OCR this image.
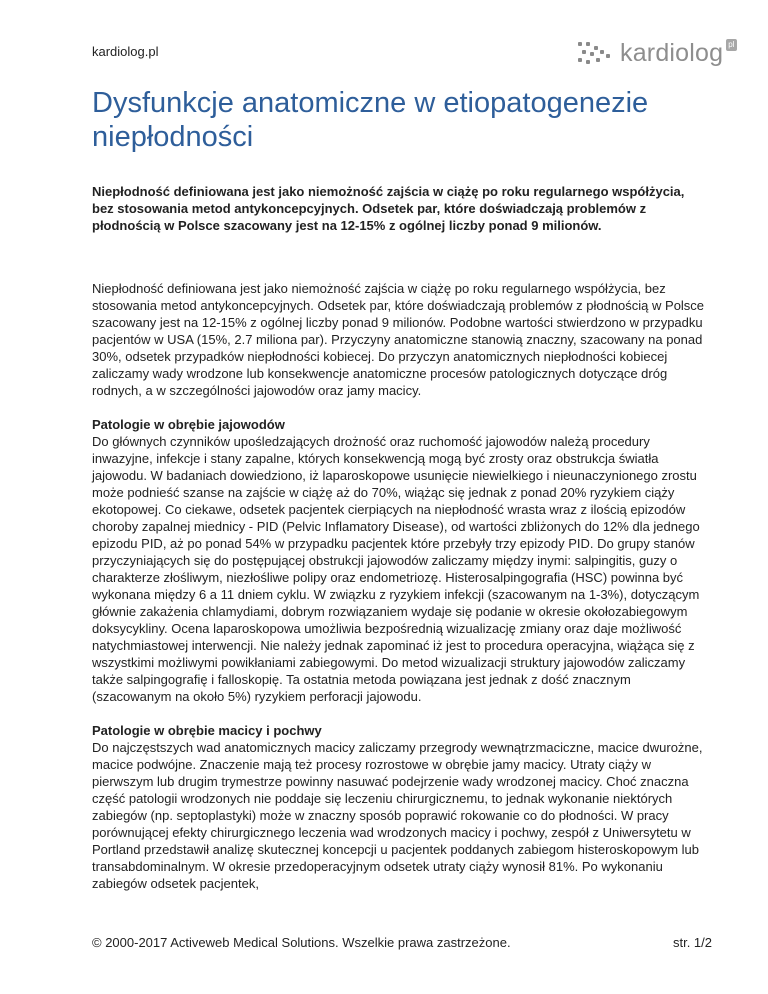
kardiolog.pl	kardiolog pl
Dysfunkcje anatomiczne w etiopatogenezie niepłodności

Niepłodność definiowana jest jako niemożność zajścia w ciążę po roku regularnego współżycia, bez stosowania metod antykoncepcyjnych. Odsetek par, które doświadczają problemów z płodnością w Polsce szacowany jest na 12-15% z ogólnej liczby ponad 9 milionów.

Niepłodność definiowana jest jako niemożność zajścia w ciążę po roku regularnego współżycia, bez stosowania metod antykoncepcyjnych. Odsetek par, które doświadczają problemów z płodnością w Polsce szacowany jest na 12-15% z ogólnej liczby ponad 9 milionów. Podobne wartości stwierdzono w przypadku pacjentów w USA (15%, 2.7 miliona par). Przyczyny anatomiczne stanowią znaczny, szacowany na ponad 30%, odsetek przypadków niepłodności kobiecej. Do przyczyn anatomicznych niepłodności kobiecej zaliczamy wady wrodzone lub konsekwencje anatomiczne procesów patologicznych dotyczące dróg rodnych, a w szczególności jajowodów oraz jamy macicy.

Patologie w obrębie jajowodów

Do głównych czynników upośledzających drożność oraz ruchomość jajowodów należą procedury inwazyjne, infekcje i stany zapalne, których konsekwencją mogą być zrosty oraz obstrukcja światła jajowodu. W badaniach dowiedziono, iż laparoskopowe usunięcie niewielkiego i nieunaczynionego zrostu może podnieść szanse na zajście w ciążę aż do 70%, wiążąc się jednak z ponad 20% ryzykiem ciąży ekotopowej. Co ciekawe, odsetek pacjentek cierpiących na niepłodność wrasta wraz z ilością epizodów choroby zapalnej miednicy - PID (Pelvic Inflamatory Disease), od wartości zbliżonych do 12% dla jednego epizodu PID, aż po ponad 54% w przypadku pacjentek które przebyły trzy epizody PID. Do grupy stanów przyczyniających się do postępującej obstrukcji jajowodów zaliczamy między inymi: salpingitis, guzy o charakterze złośliwym, niezłośliwe polipy oraz endometriozę. Histerosalpingografia (HSC) powinna być wykonana między 6 a 11 dniem cyklu. W związku z ryzykiem infekcji (szacowanym na 1-3%), dotyczącym głównie zakażenia chlamydiami, dobrym rozwiązaniem wydaje się podanie w okresie okołozabiegowym doksycykliny. Ocena laparoskopowa umożliwia bezpośrednią wizualizację zmiany oraz daje możliwość natychmiastowej interwencji. Nie należy jednak zapominać iż jest to procedura operacyjna, wiążąca się z wszystkimi możliwymi powikłaniami zabiegowymi. Do metod wizualizacji struktury jajowodów zaliczamy także salpingografię i falloskopię. Ta ostatnia metoda powiązana jest jednak z dość znacznym (szacowanym na około 5%) ryzykiem perforacji jajowodu.

Patologie w obrębie macicy i pochwy

Do najczęstszych wad anatomicznych macicy zaliczamy przegrody wewnątrzmaciczne, macice dwurożne, macice podwójne. Znaczenie mają też procesy rozrostowe w obrębie jamy macicy. Utraty ciąży w pierwszym lub drugim trymestrze powinny nasuwać podejrzenie wady wrodzonej macicy. Choć znaczna część patologii wrodzonych nie poddaje się leczeniu chirurgicznemu, to jednak wykonanie niektórych zabiegów (np. septoplastyki) może w znaczny sposób poprawić rokowanie co do płodności. W pracy porównującej efekty chirurgicznego leczenia wad wrodzonych macicy i pochwy, zespół z Uniwersytetu w Portland przedstawił analizę skutecznej koncepcji u pacjentek poddanych zabiegom histeroskopowym lub transabdominalnym. W okresie przedoperacyjnym odsetek utraty ciąży wynosił 81%. Po wykonaniu zabiegów odsetek pacjentek,

© 2000-2017 Activeweb Medical Solutions. Wszelkie prawa zastrzeżone.	str. 1/2
